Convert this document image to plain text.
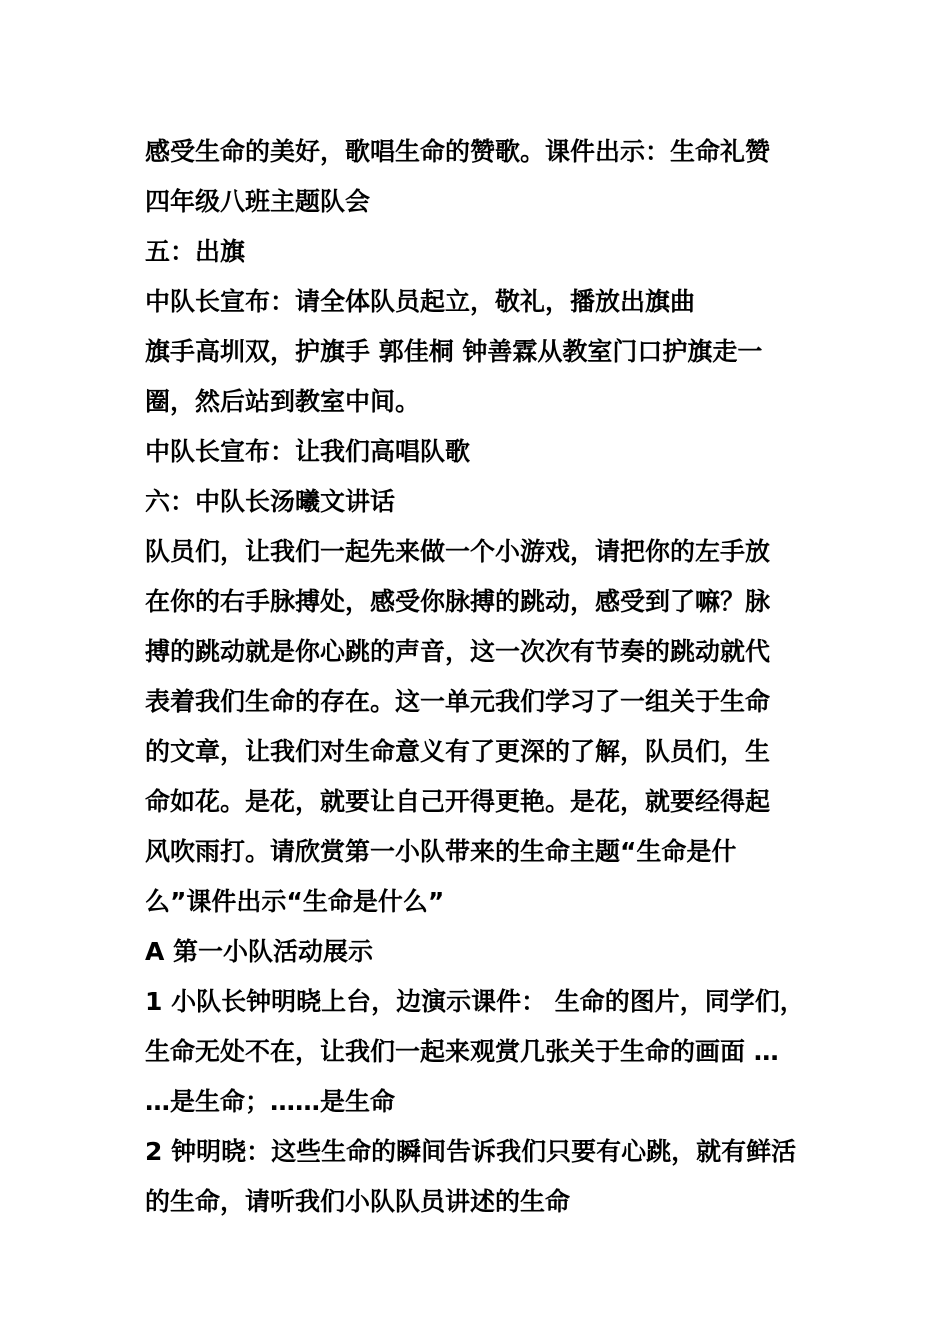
感受生命的美好，歌唱生命的赞歌。课件出示：生命礼赞
四年级八班主题队会
五：出旗
中队长宣布：请全体队员起立，敬礼，播放出旗曲
旗手高圳双，护旗手 郭佳桐 钟善霖从教室门口护旗走一
圈，然后站到教室中间。
中队长宣布：让我们高唱队歌
六：中队长汤曦文讲话
队员们，让我们一起先来做一个小游戏，请把你的左手放
在你的右手脉搏处，感受你脉搏的跳动，感受到了嘛？脉
搏的跳动就是你心跳的声音，这一次次有节奏的跳动就代
表着我们生命的存在。这一单元我们学习了一组关于生命
的文章，让我们对生命意义有了更深的了解，队员们，生
命如花。是花，就要让自己开得更艳。是花，就要经得起
风吹雨打。请欣赏第一小队带来的生命主题“生命是什
么”课件出示“生命是什么”
A 第一小队活动展示
1 小队长钟明晓上台，边演示课件： 生命的图片，同学们，
生命无处不在，让我们一起来观赏几张关于生命的画面 …
…是生命；……是生命
2 钟明晓：这些生命的瞬间告诉我们只要有心跳，就有鲜活
的生命，请听我们小队队员讲述的生命
